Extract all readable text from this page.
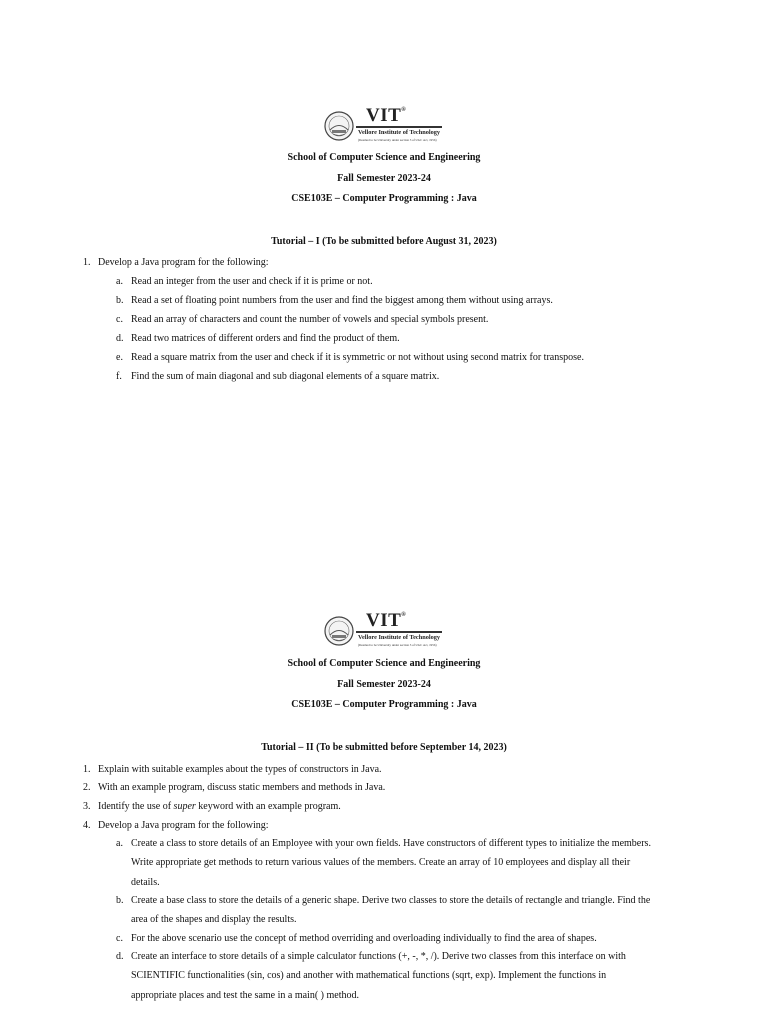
VIT®
Vellore Institute of Technology
(Deemed to be University under section 3 of UGC Act, 1956)
School of Computer Science and Engineering
Fall Semester 2023-24
CSE103E – Computer Programming : Java
Tutorial – I (To be submitted before August 31, 2023)
1. Develop a Java program for the following:
a. Read an integer from the user and check if it is prime or not.
b. Read a set of floating point numbers from the user and find the biggest among them without using arrays.
c. Read an array of characters and count the number of vowels and special symbols present.
d. Read two matrices of different orders and find the product of them.
e. Read a square matrix from the user and check if it is symmetric or not without using second matrix for transpose.
f. Find the sum of main diagonal and sub diagonal elements of a square matrix.
VIT®
Vellore Institute of Technology
(Deemed to be University under section 3 of UGC Act, 1956)
School of Computer Science and Engineering
Fall Semester 2023-24
CSE103E – Computer Programming : Java
Tutorial – II (To be submitted before September 14, 2023)
1. Explain with suitable examples about the types of constructors in Java.
2. With an example program, discuss static members and methods in Java.
3. Identify the use of super keyword with an example program.
4. Develop a Java program for the following:
a. Create a class to store details of an Employee with your own fields. Have constructors of different types to initialize the members.
Write appropriate get methods to return various values of the members. Create an array of 10 employees and display all their
details.
b. Create a base class to store the details of a generic shape. Derive two classes to store the details of rectangle and triangle. Find the
area of the shapes and display the results.
c. For the above scenario use the concept of method overriding and overloading individually to find the area of shapes.
d. Create an interface to store details of a simple calculator functions (+, -, *, /). Derive two classes from this interface on with
SCIENTIFIC functionalities (sin, cos) and another with mathematical functions (sqrt, exp). Implement the functions in
appropriate places and test the same in a main( ) method.
